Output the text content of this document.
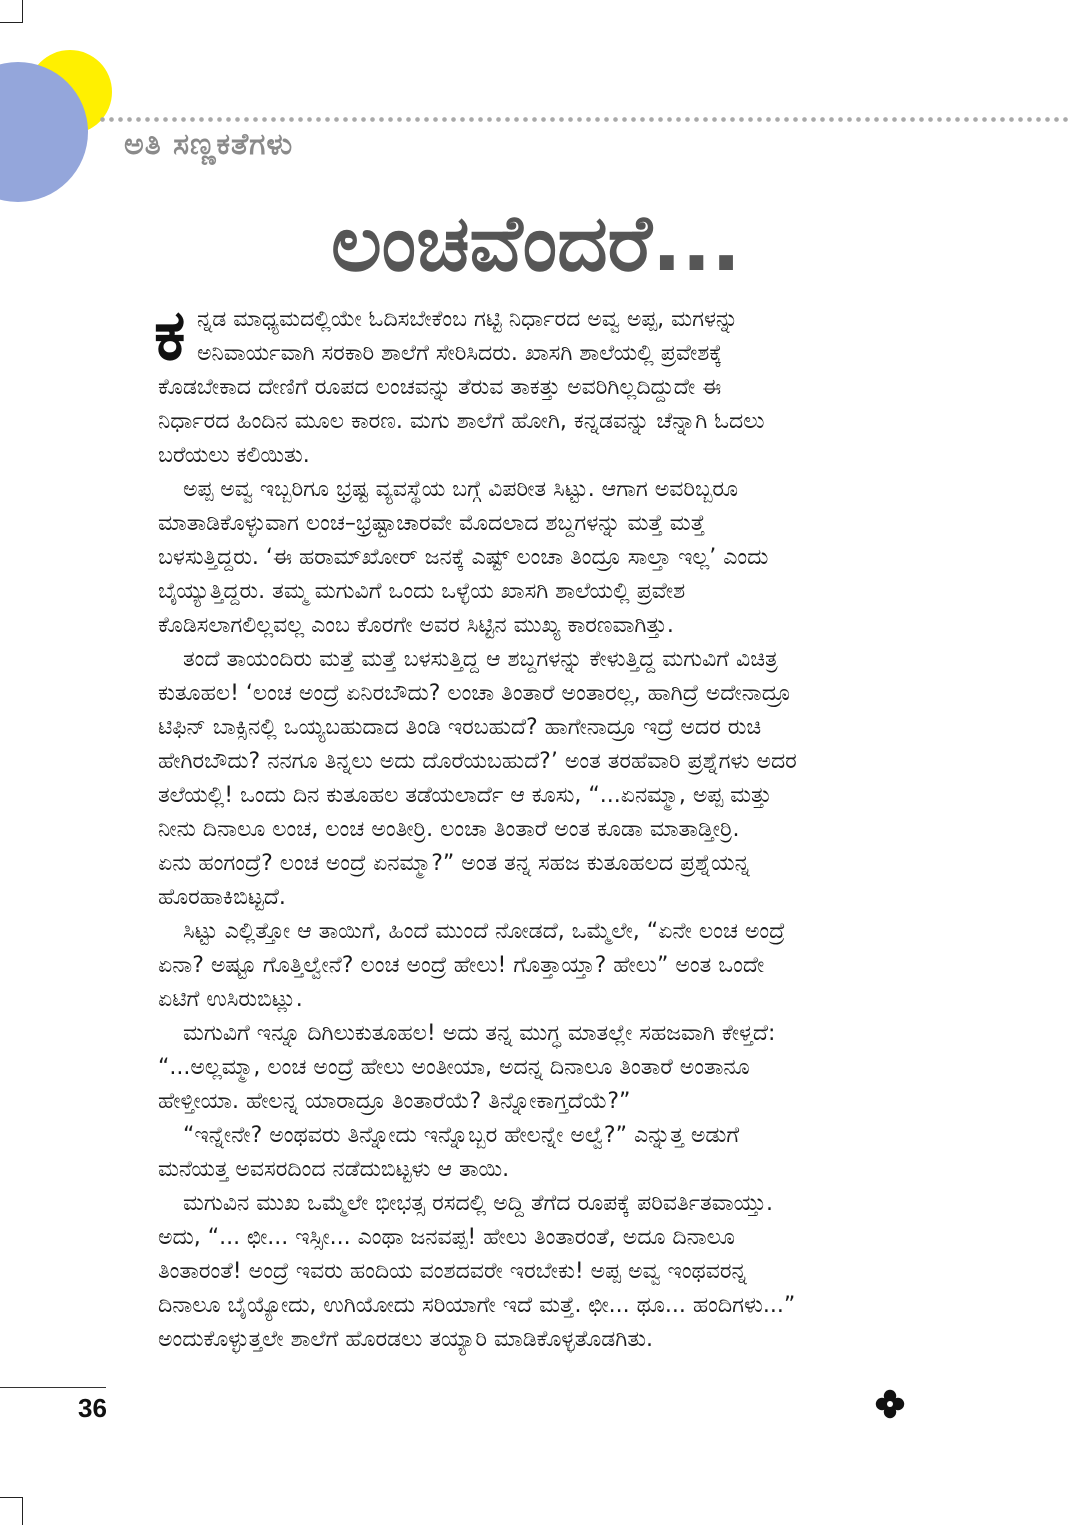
ಅತಿ ಸಣ್ಣಕತೆಗಳು
ಲಂಚವೆಂದರೆ...
ಕ ನ್ನಡ ಮಾಧ್ಯಮದಲ್ಲಿಯೇ ಓದಿಸಬೇಕೆಂಬ ಗಟ್ಟಿ ನಿರ್ಧಾರದ ಅವ್ವ ಅಪ್ಪ, ಮಗಳನ್ನು
ಅನಿವಾರ್ಯವಾಗಿ ಸರಕಾರಿ ಶಾಲೆಗೆ ಸೇರಿಸಿದರು. ಖಾಸಗಿ ಶಾಲೆಯಲ್ಲಿ ಪ್ರವೇಶಕ್ಕೆ
ಕೊಡಬೇಕಾದ ದೇಣಿಗೆ ರೂಪದ ಲಂಚವನ್ನು ತೆರುವ ತಾಕತ್ತು ಅವರಿಗಿಲ್ಲದಿದ್ದುದೇ ಈ
ನಿರ್ಧಾರದ ಹಿಂದಿನ ಮೂಲ ಕಾರಣ. ಮಗು ಶಾಲೆಗೆ ಹೋಗಿ, ಕನ್ನಡವನ್ನು ಚೆನ್ನಾಗಿ ಓದಲು
ಬರೆಯಲು ಕಲಿಯಿತು.
ಅಪ್ಪ ಅವ್ವ ಇಬ್ಬರಿಗೂ ಭ್ರಷ್ಟ ವ್ಯವಸ್ಥೆಯ ಬಗ್ಗೆ ವಿಪರೀತ ಸಿಟ್ಟು. ಆಗಾಗ ಅವರಿಬ್ಬರೂ
ಮಾತಾಡಿಕೊಳ್ಳುವಾಗ ಲಂಚ–ಭ್ರಷ್ಟಾಚಾರವೇ ಮೊದಲಾದ ಶಬ್ದಗಳನ್ನು ಮತ್ತೆ ಮತ್ತೆ
ಬಳಸುತ್ತಿದ್ದರು. ‘ಈ ಹರಾಮ್‌ಖೋರ್ ಜನಕ್ಕೆ ಎಷ್ಟ್ ಲಂಚಾ ತಿಂದ್ರೂ ಸಾಲ್ತಾ ಇಲ್ಲ’ ಎಂದು
ಬೈಯ್ಯುತ್ತಿದ್ದರು. ತಮ್ಮ ಮಗುವಿಗೆ ಒಂದು ಒಳ್ಳೆಯ ಖಾಸಗಿ ಶಾಲೆಯಲ್ಲಿ ಪ್ರವೇಶ
ಕೊಡಿಸಲಾಗಲಿಲ್ಲವಲ್ಲ ಎಂಬ ಕೊರಗೇ ಅವರ ಸಿಟ್ಟಿನ ಮುಖ್ಯ ಕಾರಣವಾಗಿತ್ತು.
ತಂದೆ ತಾಯಂದಿರು ಮತ್ತೆ ಮತ್ತೆ ಬಳಸುತ್ತಿದ್ದ ಆ ಶಬ್ದಗಳನ್ನು ಕೇಳುತ್ತಿದ್ದ ಮಗುವಿಗೆ ವಿಚಿತ್ರ
ಕುತೂಹಲ! ‘ಲಂಚ ಅಂದ್ರೆ ಏನಿರಬೌದು? ಲಂಚಾ ತಿಂತಾರೆ ಅಂತಾರಲ್ಲ, ಹಾಗಿದ್ರೆ ಅದೇನಾದ್ರೂ
ಟಿಫಿನ್ ಬಾಕ್ಸಿನಲ್ಲಿ ಒಯ್ಯಬಹುದಾದ ತಿಂಡಿ ಇರಬಹುದೆ? ಹಾಗೇನಾದ್ರೂ ಇದ್ರೆ ಅದರ ರುಚಿ
ಹೇಗಿರಬೌದು? ನನಗೂ ತಿನ್ನಲು ಅದು ದೊರೆಯಬಹುದೆ?’ ಅಂತ ತರಹೆವಾರಿ ಪ್ರಶ್ನೆಗಳು ಅದರ
ತಲೆಯಲ್ಲಿ! ಒಂದು ದಿನ ಕುತೂಹಲ ತಡೆಯಲಾರ್ದೆ ಆ ಕೂಸು, “...ಏನಮ್ಮಾ, ಅಪ್ಪ ಮತ್ತು
ನೀನು ದಿನಾಲೂ ಲಂಚ, ಲಂಚ ಅಂತೀರ್ರಿ. ಲಂಚಾ ತಿಂತಾರೆ ಅಂತ ಕೂಡಾ ಮಾತಾಡ್ತೀರ್ರಿ.
ಏನು ಹಂಗಂದ್ರೆ? ಲಂಚ ಅಂದ್ರೆ ಏನಮ್ಮಾ?” ಅಂತ ತನ್ನ ಸಹಜ ಕುತೂಹಲದ ಪ್ರಶ್ನೆಯನ್ನ
ಹೊರಹಾಕಿಬಿಟ್ಟದೆ.
ಸಿಟ್ಟು ಎಲ್ಲಿತ್ತೋ ಆ ತಾಯಿಗೆ, ಹಿಂದೆ ಮುಂದೆ ನೋಡದೆ, ಒಮ್ಮೆಲೇ, “ಏನೇ ಲಂಚ ಅಂದ್ರೆ
ಏನಾ? ಅಷ್ಟೂ ಗೊತ್ತಿಲ್ವೇನೆ? ಲಂಚ ಅಂದ್ರೆ ಹೇಲು! ಗೊತ್ತಾಯ್ತಾ? ಹೇಲು” ಅಂತ ಒಂದೇ
ಏಟಿಗೆ ಉಸಿರುಬಿಟ್ಲು.
ಮಗುವಿಗೆ ಇನ್ನೂ ದಿಗಿಲುಕುತೂಹಲ! ಅದು ತನ್ನ ಮುಗ್ಧ ಮಾತಲ್ಲೇ ಸಹಜವಾಗಿ ಕೇಳ್ತದೆ:
“...ಅಲ್ಲಮ್ಮಾ, ಲಂಚ ಅಂದ್ರೆ ಹೇಲು ಅಂತೀಯಾ, ಅದನ್ನ ದಿನಾಲೂ ತಿಂತಾರೆ ಅಂತಾನೂ
ಹೇಳ್ತೀಯಾ. ಹೇಲನ್ನ ಯಾರಾದ್ರೂ ತಿಂತಾರೆಯೆ? ತಿನ್ನೋಕಾಗ್ತದೆಯೆ?”
“ಇನ್ನೇನೇ? ಅಂಥವರು ತಿನ್ನೋದು ಇನ್ನೊಬ್ಬರ ಹೇಲನ್ನೇ ಅಲ್ವೆ?” ಎನ್ನುತ್ತ ಅಡುಗೆ
ಮನೆಯತ್ತ ಅವಸರದಿಂದ ನಡೆದುಬಿಟ್ಟಳು ಆ ತಾಯಿ.
ಮಗುವಿನ ಮುಖ ಒಮ್ಮೆಲೇ ಭೀಭತ್ಸ ರಸದಲ್ಲಿ ಅದ್ದಿ ತೆಗೆದ ರೂಪಕ್ಕೆ ಪರಿವರ್ತಿತವಾಯ್ತು.
ಅದು, “... ಛೀ... ಇಸ್ಸೀ... ಎಂಥಾ ಜನವಪ್ಪ! ಹೇಲು ತಿಂತಾರಂತೆ, ಅದೂ ದಿನಾಲೂ
ತಿಂತಾರಂತೆ! ಅಂದ್ರೆ ಇವರು ಹಂದಿಯ ವಂಶದವರೇ ಇರಬೇಕು! ಅಪ್ಪ ಅವ್ವ ಇಂಥವರನ್ನ
ದಿನಾಲೂ ಬೈಯ್ಯೋದು, ಉಗಿಯೋದು ಸರಿಯಾಗೇ ಇದೆ ಮತ್ತೆ. ಛೀ... ಥೂ... ಹಂದಿಗಳು...”
ಅಂದುಕೊಳ್ಳುತ್ತಲೇ ಶಾಲೆಗೆ ಹೊರಡಲು ತಯ್ಯಾರಿ ಮಾಡಿಕೊಳ್ಳತೊಡಗಿತು.
36
